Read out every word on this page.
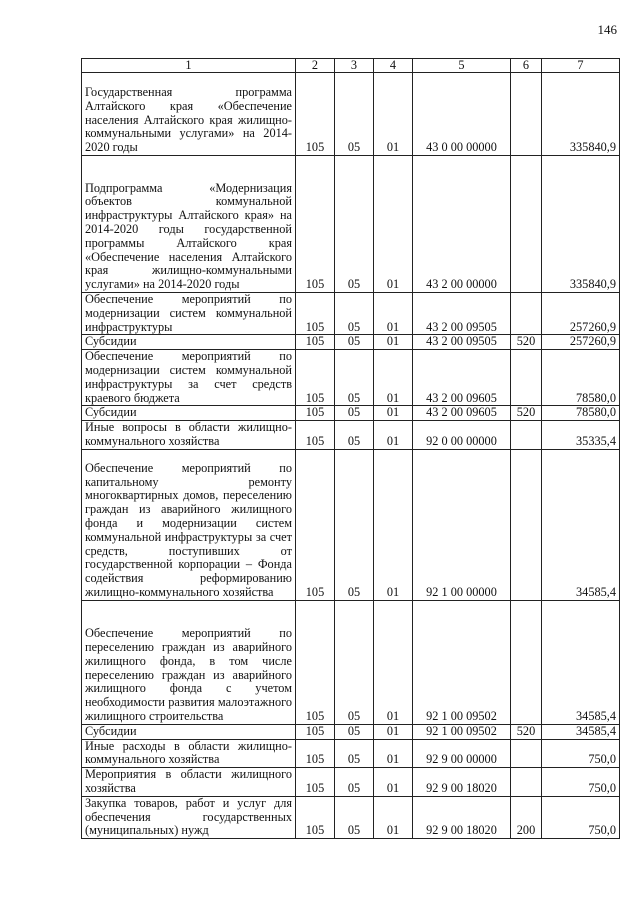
146
1	2	3	4	5	6	7
Государственная программа Алтайского края «Обеспечение населения Алтайского края жилищно-коммунальными услугами» на 2014-2020 годы	105	05	01	43 0 00 00000		335840,9
Подпрограмма «Модернизация объектов коммунальной инфраструктуры Алтайского края» на 2014-2020 годы государственной программы Алтайского края «Обеспечение населения Алтайского края жилищно-коммунальными услугами» на 2014-2020 годы	105	05	01	43 2 00 00000		335840,9
Обеспечение мероприятий по модернизации систем коммунальной инфраструктуры	105	05	01	43 2 00 09505		257260,9
Субсидии	105	05	01	43 2 00 09505	520	257260,9
Обеспечение мероприятий по модернизации систем коммунальной инфраструктуры за счет средств краевого бюджета	105	05	01	43 2 00 09605		78580,0
Субсидии	105	05	01	43 2 00 09605	520	78580,0
Иные вопросы в области жилищно-коммунального хозяйства	105	05	01	92 0 00 00000		35335,4
Обеспечение мероприятий по капитальному ремонту многоквартирных домов, переселению граждан из аварийного жилищного фонда и модернизации систем коммунальной инфраструктуры за счет средств, поступивших от государственной корпорации – Фонда содействия реформированию жилищно-коммунального хозяйства	105	05	01	92 1 00 00000		34585,4
Обеспечение мероприятий по переселению граждан из аварийного жилищного фонда, в том числе переселению граждан из аварийного жилищного фонда с учетом необходимости развития малоэтажного жилищного строительства	105	05	01	92 1 00 09502		34585,4
Субсидии	105	05	01	92 1 00 09502	520	34585,4
Иные расходы в области жилищно-коммунального хозяйства	105	05	01	92 9 00 00000		750,0
Мероприятия в области жилищного хозяйства	105	05	01	92 9 00 18020		750,0
Закупка товаров, работ и услуг для обеспечения государственных (муниципальных) нужд	105	05	01	92 9 00 18020	200	750,0
